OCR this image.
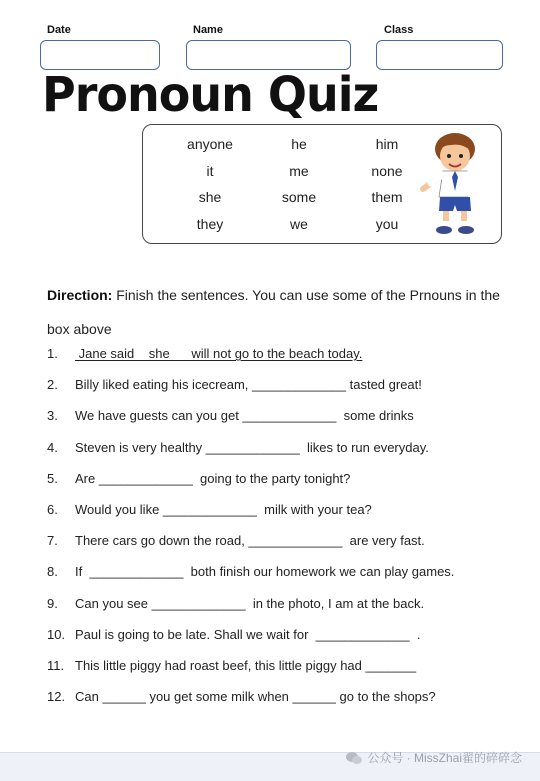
Date	Name	Class
Pronoun Quiz
anyone	he	him
it	me	none
she	some	them
they	we	you
Direction: Finish the sentences. You can use some of the Prnouns in the box above
1. Jane said    she      will not go to the beach today.
2. Billy liked eating his icecream, _____________ tasted great!
3. We have guests can you get _____________  some drinks
4. Steven is very healthy _____________  likes to run everyday.
5. Are _____________  going to the party tonight?
6. Would you like _____________  milk with your tea?
7. There cars go down the road, _____________  are very fast.
8. If  _____________  both finish our homework we can play games.
9. Can you see _____________  in the photo, I am at the back.
10. Paul is going to be late. Shall we wait for  _____________  .
11. This little piggy had roast beef, this little piggy had _______
12. Can ______ you get some milk when ______ go to the shops?
公众号 · MissZhai翟的碎碎念
